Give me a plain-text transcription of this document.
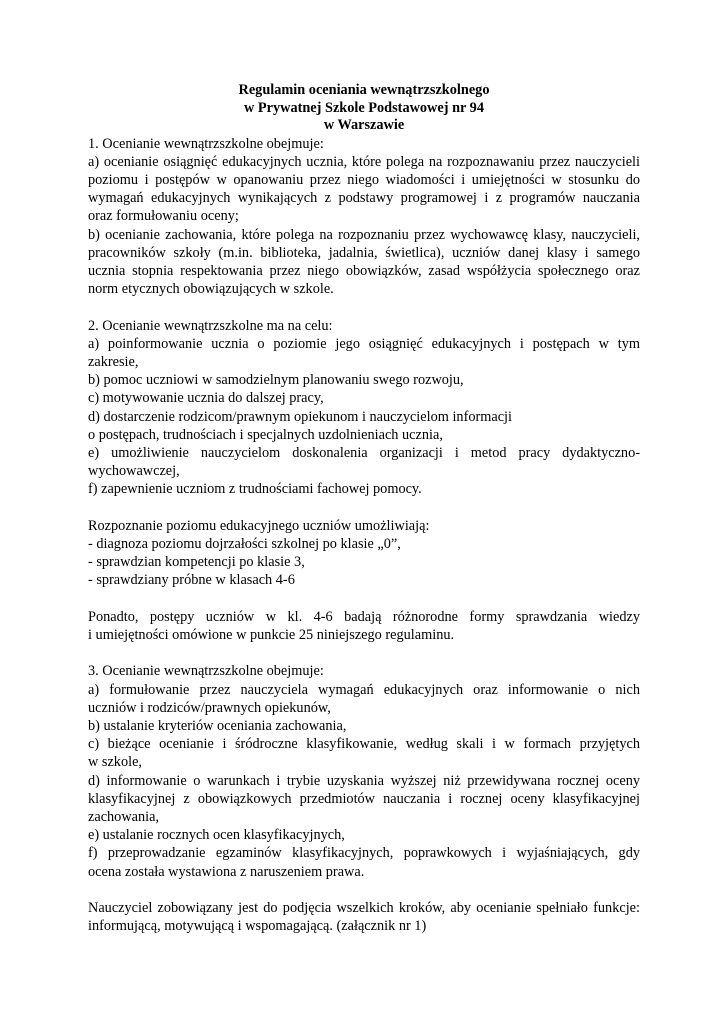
Regulamin oceniania wewnątrzszkolnego
w Prywatnej Szkole Podstawowej nr 94
w Warszawie
1. Ocenianie wewnątrzszkolne obejmuje:
a) ocenianie osiągnięć edukacyjnych ucznia, które polega na rozpoznawaniu przez nauczycieli
poziomu i postępów w opanowaniu przez niego wiadomości i umiejętności w stosunku do
wymagań edukacyjnych wynikających z podstawy programowej i z programów nauczania
oraz formułowaniu oceny;
b) ocenianie zachowania, które polega na rozpoznaniu przez wychowawcę klasy, nauczycieli,
pracowników szkoły (m.in. biblioteka, jadalnia, świetlica), uczniów danej klasy i samego
ucznia stopnia respektowania przez niego obowiązków, zasad współżycia społecznego oraz
norm etycznych obowiązujących w szkole.
2. Ocenianie wewnątrzszkolne ma na celu:
a) poinformowanie ucznia o poziomie jego osiągnięć edukacyjnych i postępach w tym
zakresie,
b) pomoc uczniowi w samodzielnym planowaniu swego rozwoju,
c) motywowanie ucznia do dalszej pracy,
d) dostarczenie rodzicom/prawnym opiekunom i nauczycielom informacji
o postępach, trudnościach i specjalnych uzdolnieniach ucznia,
e) umożliwienie nauczycielom doskonalenia organizacji i metod pracy dydaktyczno-
wychowawczej,
f) zapewnienie uczniom z trudnościami fachowej pomocy.
Rozpoznanie poziomu edukacyjnego uczniów umożliwiają:
- diagnoza poziomu dojrzałości szkolnej po klasie „0”,
- sprawdzian kompetencji po klasie 3,
- sprawdziany próbne w klasach 4-6
Ponadto, postępy uczniów w kl. 4-6 badają różnorodne formy sprawdzania wiedzy
i umiejętności omówione w punkcie 25 niniejszego regulaminu.
3. Ocenianie wewnątrzszkolne obejmuje:
a) formułowanie przez nauczyciela wymagań edukacyjnych oraz informowanie o nich
uczniów i rodziców/prawnych opiekunów,
b) ustalanie kryteriów oceniania zachowania,
c) bieżące ocenianie i śródroczne klasyfikowanie, według skali i w formach przyjętych
w szkole,
d) informowanie o warunkach i trybie uzyskania wyższej niż przewidywana rocznej oceny
klasyfikacyjnej z obowiązkowych przedmiotów nauczania i rocznej oceny klasyfikacyjnej
zachowania,
e) ustalanie rocznych ocen klasyfikacyjnych,
f) przeprowadzanie egzaminów klasyfikacyjnych, poprawkowych i wyjaśniających, gdy
ocena została wystawiona z naruszeniem prawa.
Nauczyciel zobowiązany jest do podjęcia wszelkich kroków, aby ocenianie spełniało funkcje:
informującą, motywującą i wspomagającą. (załącznik nr 1)
